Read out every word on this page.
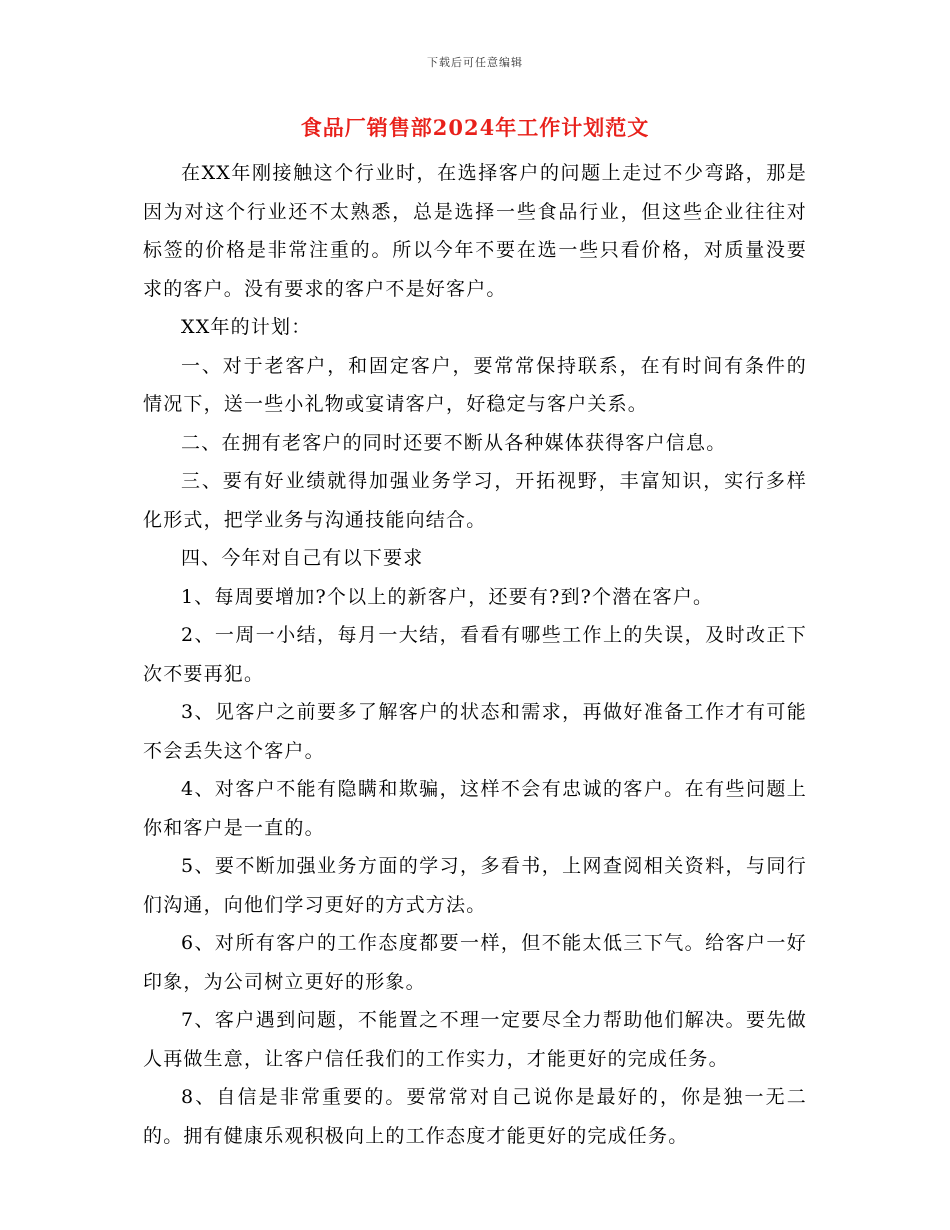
下载后可任意编辑
食品厂销售部2024年工作计划范文

在XX年刚接触这个行业时，在选择客户的问题上走过不少弯路，那是因为对这个行业还不太熟悉，总是选择一些食品行业，但这些企业往往对标签的价格是非常注重的。所以今年不要在选一些只看价格，对质量没要求的客户。没有要求的客户不是好客户。

XX年的计划：

一、对于老客户，和固定客户，要常常保持联系，在有时间有条件的情况下，送一些小礼物或宴请客户，好稳定与客户关系。

二、在拥有老客户的同时还要不断从各种媒体获得客户信息。

三、要有好业绩就得加强业务学习，开拓视野，丰富知识，实行多样化形式，把学业务与沟通技能向结合。

四、今年对自己有以下要求

1、每周要增加?个以上的新客户，还要有?到?个潜在客户。

2、一周一小结，每月一大结，看看有哪些工作上的失误，及时改正下次不要再犯。

3、见客户之前要多了解客户的状态和需求，再做好准备工作才有可能不会丢失这个客户。

4、对客户不能有隐瞒和欺骗，这样不会有忠诚的客户。在有些问题上你和客户是一直的。

5、要不断加强业务方面的学习，多看书，上网查阅相关资料，与同行们沟通，向他们学习更好的方式方法。

6、对所有客户的工作态度都要一样，但不能太低三下气。给客户一好印象，为公司树立更好的形象。

7、客户遇到问题，不能置之不理一定要尽全力帮助他们解决。要先做人再做生意，让客户信任我们的工作实力，才能更好的完成任务。

8、自信是非常重要的。要常常对自己说你是最好的，你是独一无二的。拥有健康乐观积极向上的工作态度才能更好的完成任务。
